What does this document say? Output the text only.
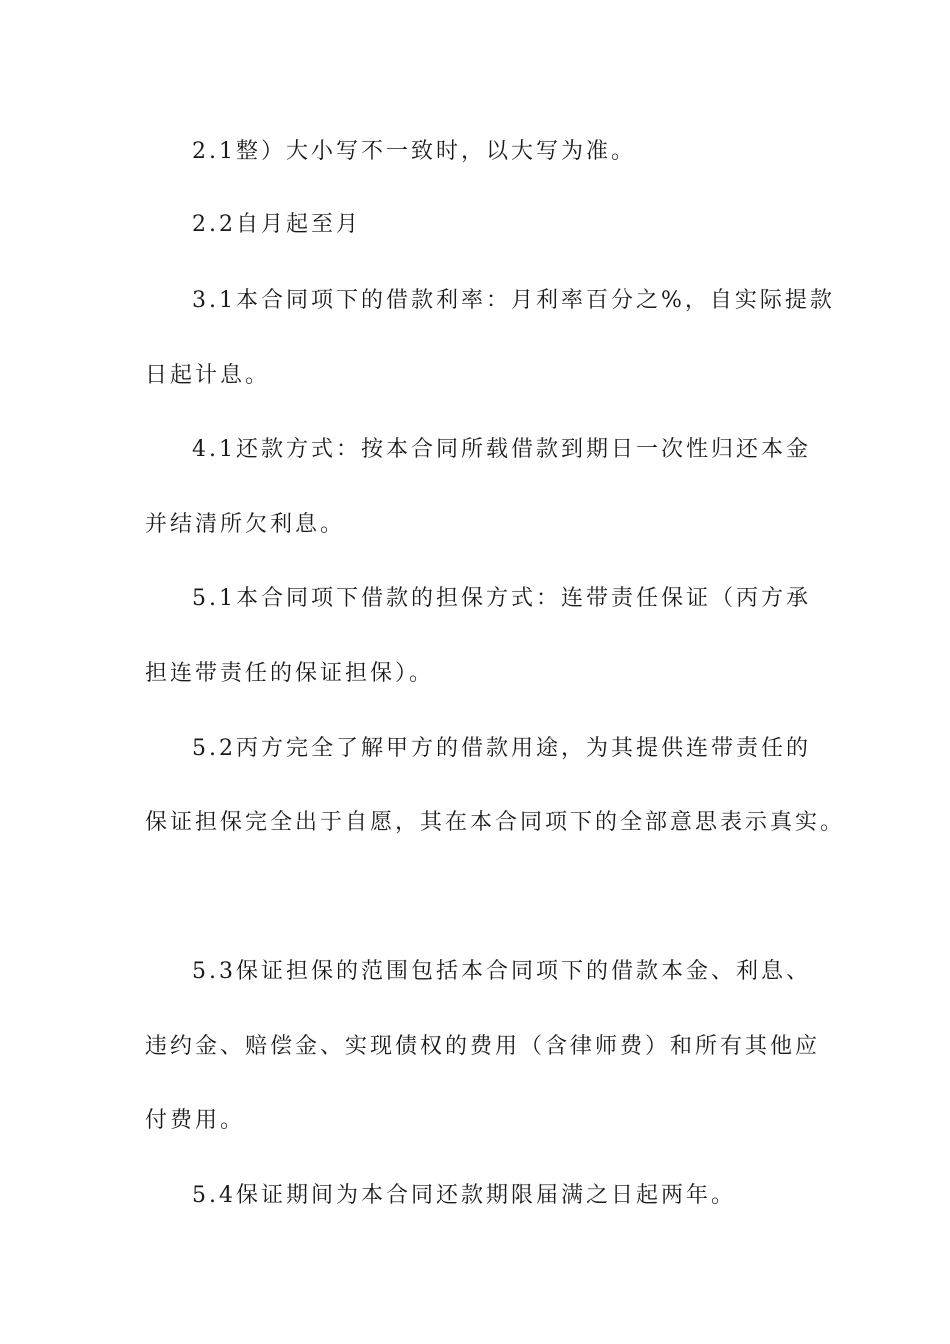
2.1整）大小写不一致时，以大写为准。
2.2自月起至月
3.1本合同项下的借款利率：月利率百分之%，自实际提款
日起计息。
4.1还款方式：按本合同所载借款到期日一次性归还本金
并结清所欠利息。
5.1本合同项下借款的担保方式：连带责任保证（丙方承
担连带责任的保证担保）。
5.2丙方完全了解甲方的借款用途，为其提供连带责任的
保证担保完全出于自愿，其在本合同项下的全部意思表示真实。
5.3保证担保的范围包括本合同项下的借款本金、利息、
违约金、赔偿金、实现债权的费用（含律师费）和所有其他应
付费用。
5.4保证期间为本合同还款期限届满之日起两年。
